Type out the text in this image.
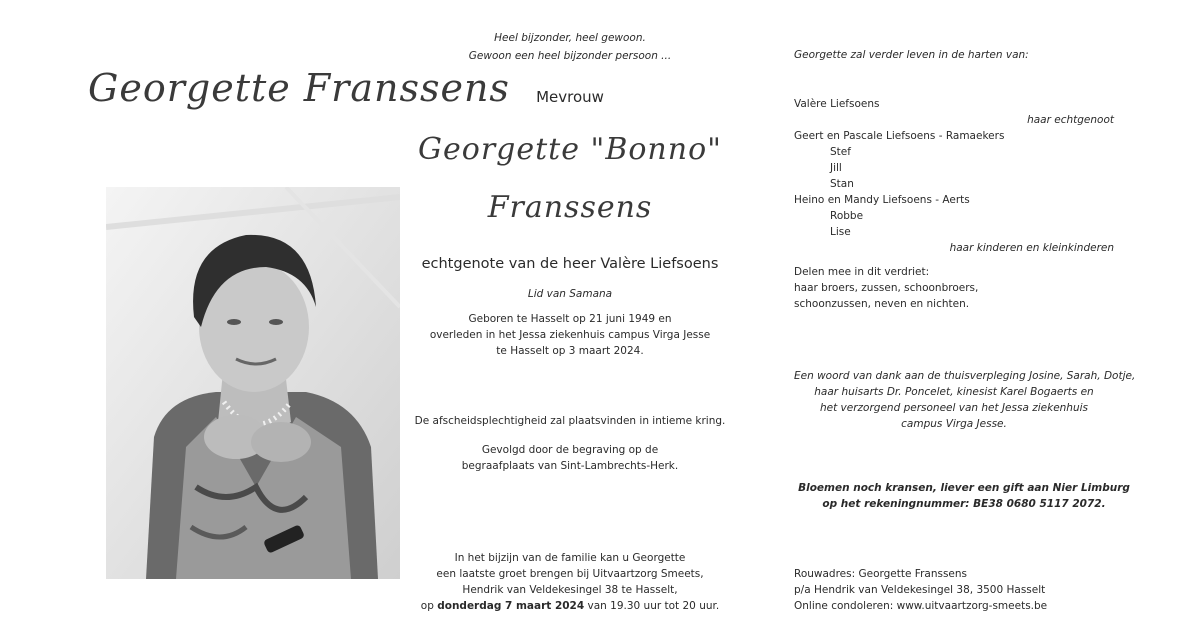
Georgette Franssens
Heel bijzonder, heel gewoon.
Gewoon een heel bijzonder persoon ...
Mevrouw
Georgette "Bonno"
Franssens
echtgenote van de heer Valère Liefsoens
Lid van Samana
Geboren te Hasselt op 21 juni 1949 en
overleden in het Jessa ziekenhuis campus Virga Jesse
te Hasselt op 3 maart 2024.
De afscheidsplechtigheid zal plaatsvinden in intieme kring.
Gevolgd door de begraving op de
begraafplaats van Sint-Lambrechts-Herk.
In het bijzijn van de familie kan u Georgette
een laatste groet brengen bij Uitvaartzorg Smeets,
Hendrik van Veldekesingel 38 te Hasselt,
op donderdag 7 maart 2024 van 19.30 uur tot 20 uur.
Georgette zal verder leven in de harten van:
Valère Liefsoens
haar echtgenoot
Geert en Pascale Liefsoens - Ramaekers
Stef
Jill
Stan
Heino en Mandy Liefsoens - Aerts
Robbe
Lise
haar kinderen en kleinkinderen
Delen mee in dit verdriet:
haar broers, zussen, schoonbroers,
schoonzussen, neven en nichten.
Een woord van dank aan de thuisverpleging Josine, Sarah, Dotje,
haar huisarts Dr. Poncelet, kinesist Karel Bogaerts en
het verzorgend personeel van het Jessa ziekenhuis
campus Virga Jesse.
Bloemen noch kransen, liever een gift aan Nier Limburg
op het rekeningnummer: BE38 0680 5117 2072.
Rouwadres: Georgette Franssens
p/a Hendrik van Veldekesingel 38, 3500 Hasselt
Online condoleren: www.uitvaartzorg-smeets.be
